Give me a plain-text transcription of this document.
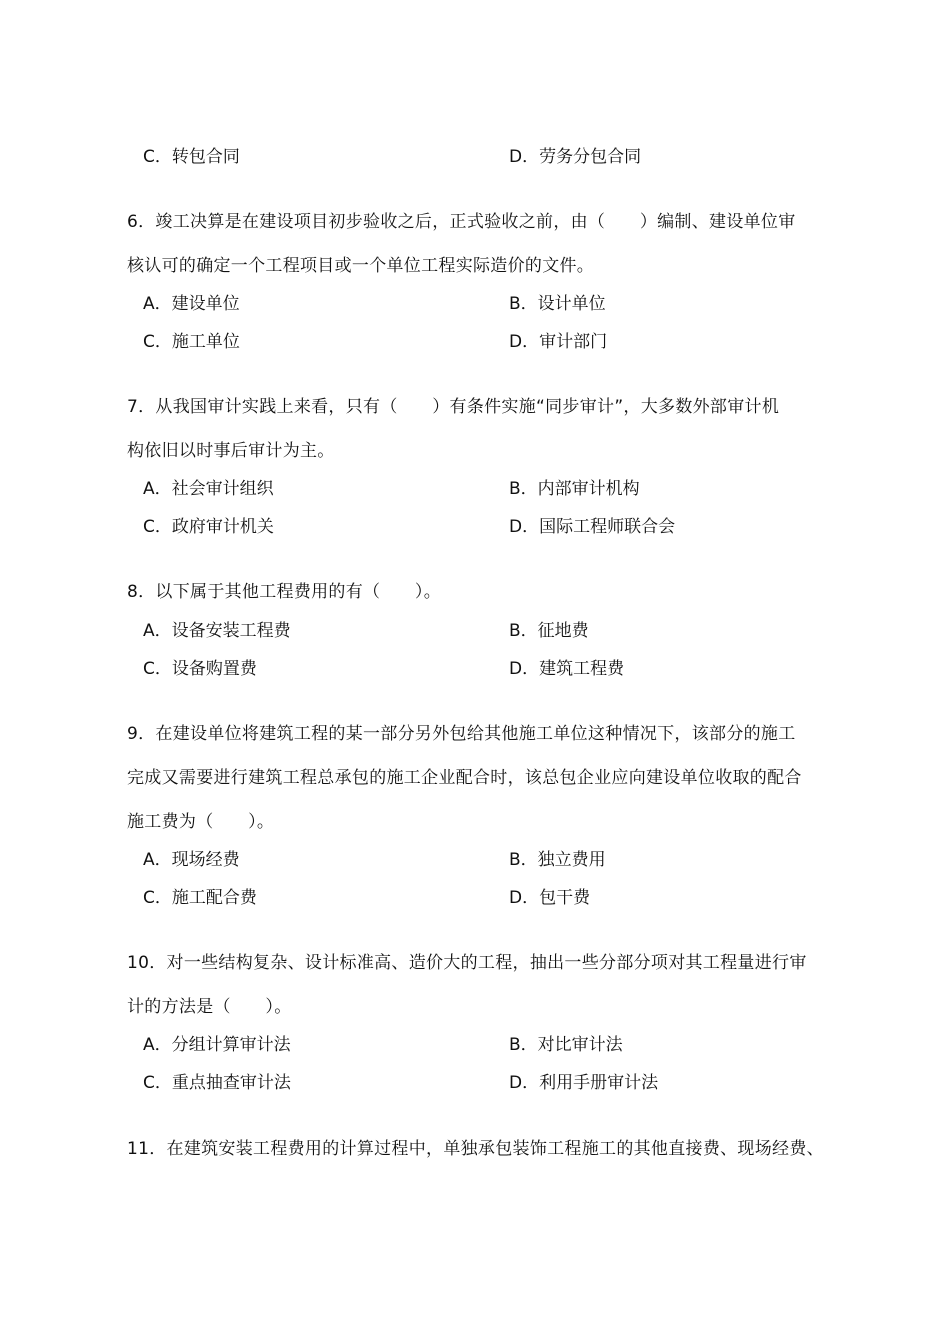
C．转包合同	D．劳务分包合同
6．竣工决算是在建设项目初步验收之后，正式验收之前，由（　　）编制、建设单位审
核认可的确定一个工程项目或一个单位工程实际造价的文件。
A．建设单位	B．设计单位
C．施工单位	D．审计部门
7．从我国审计实践上来看，只有（　　）有条件实施“同步审计”，大多数外部审计机
构依旧以时事后审计为主。
A．社会审计组织	B．内部审计机构
C．政府审计机关	D．国际工程师联合会
8．以下属于其他工程费用的有（　　）。
A．设备安装工程费	B．征地费
C．设备购置费	D．建筑工程费
9．在建设单位将建筑工程的某一部分另外包给其他施工单位这种情况下，该部分的施工
完成又需要进行建筑工程总承包的施工企业配合时，该总包企业应向建设单位收取的配合
施工费为（　　）。
A．现场经费	B．独立费用
C．施工配合费	D．包干费
10．对一些结构复杂、设计标准高、造价大的工程，抽出一些分部分项对其工程量进行审
计的方法是（　　）。
A．分组计算审计法	B．对比审计法
C．重点抽查审计法	D．利用手册审计法
11．在建筑安装工程费用的计算过程中，单独承包装饰工程施工的其他直接费、现场经费、
